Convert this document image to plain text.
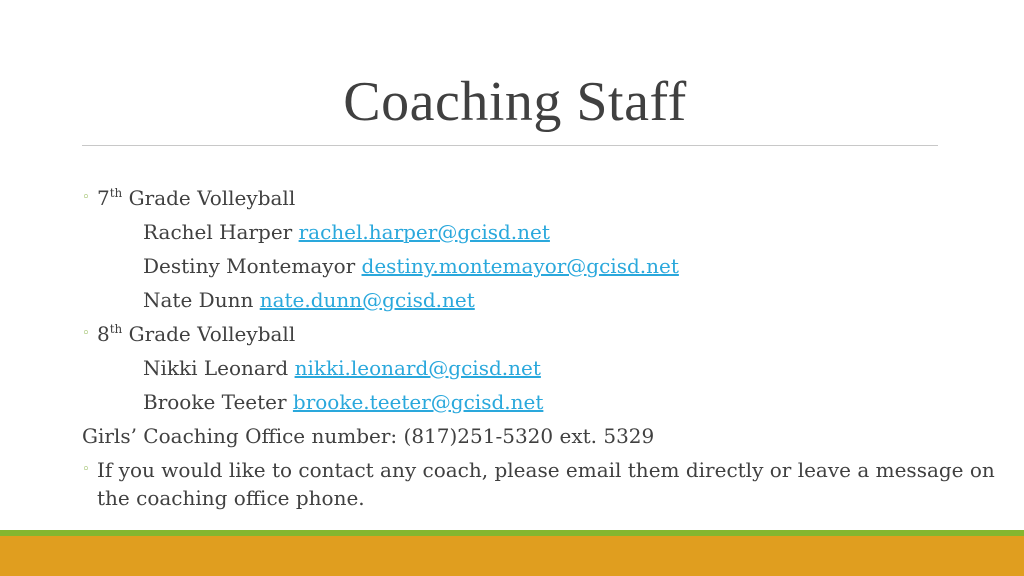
Coaching Staff
◦ 7th Grade Volleyball
Rachel Harper rachel.harper@gcisd.net
Destiny Montemayor destiny.montemayor@gcisd.net
Nate Dunn nate.dunn@gcisd.net
◦ 8th Grade Volleyball
Nikki Leonard nikki.leonard@gcisd.net
Brooke Teeter brooke.teeter@gcisd.net
Girls’ Coaching Office number: (817)251-5320 ext. 5329
◦ If you would like to contact any coach, please email them directly or leave a message on the coaching office phone.
